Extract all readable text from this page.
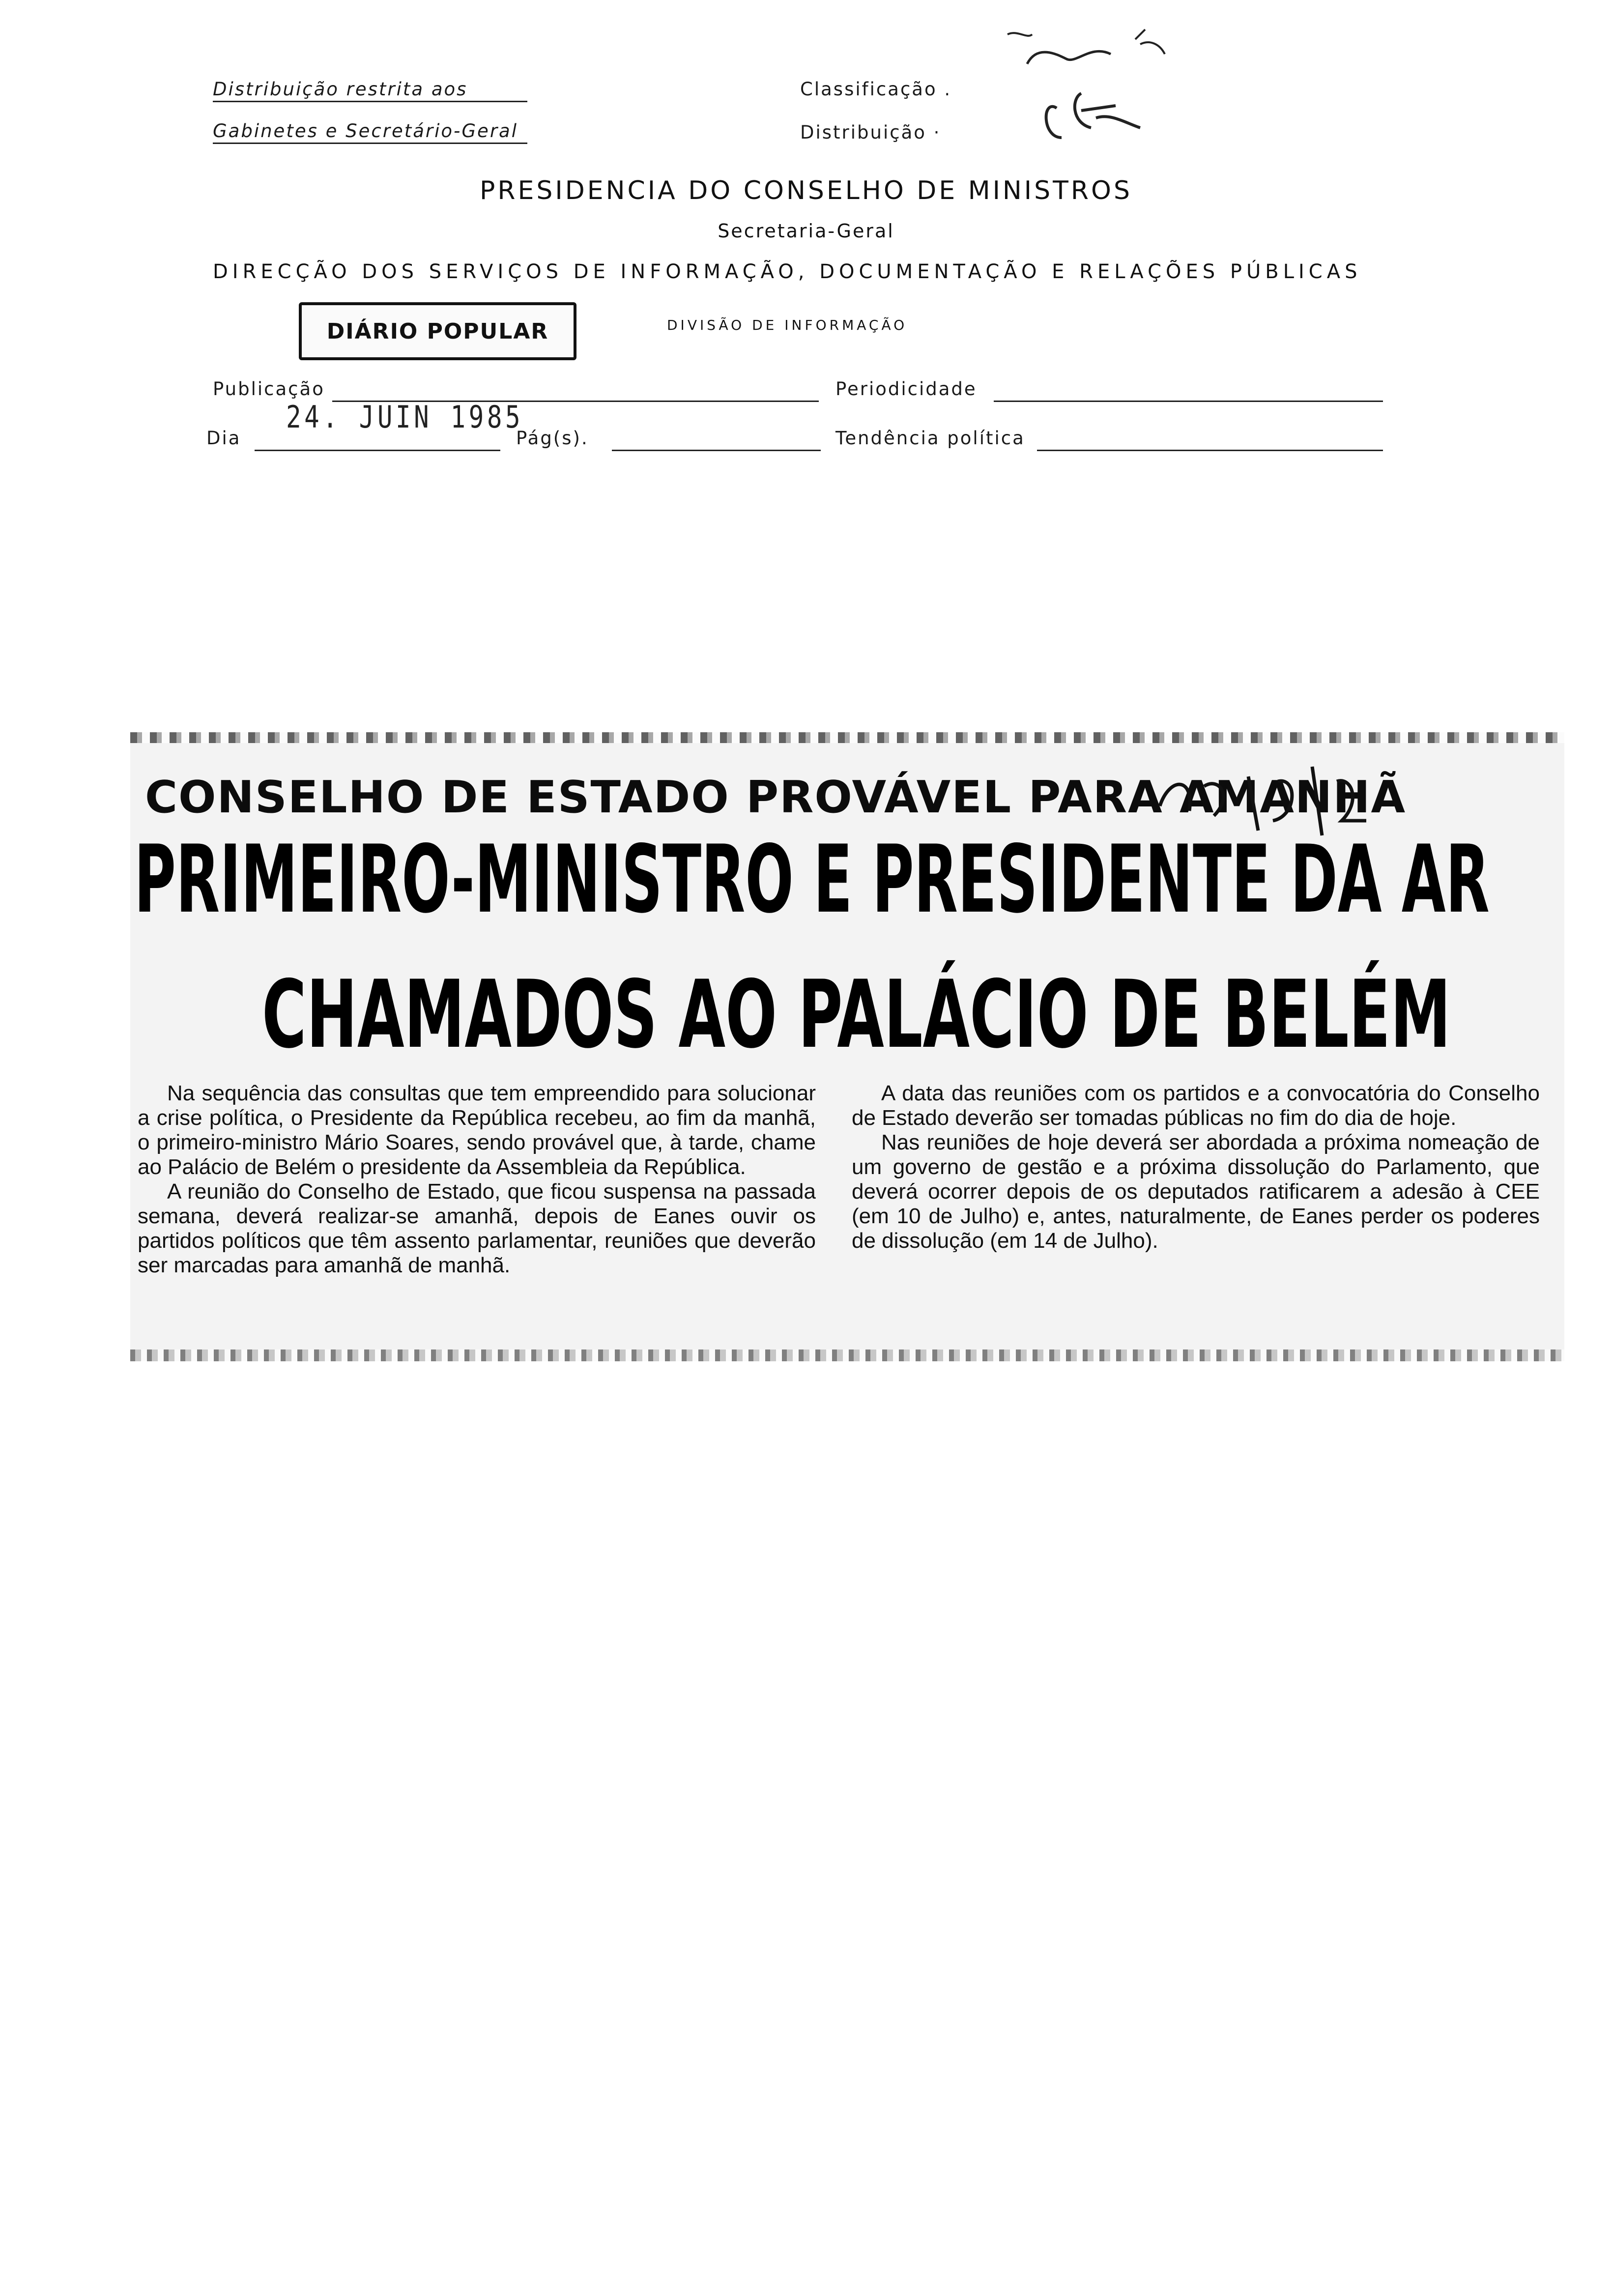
Distribuição restrita aos
Gabinetes e Secretário-Geral
Classificação .
Distribuição ·
PRESIDENCIA DO CONSELHO DE MINISTROS
Secretaria-Geral
DIRECÇÃO DOS SERVIÇOS DE INFORMAÇÃO, DOCUMENTAÇÃO E RELAÇÕES PÚBLICAS
DIVISÃO DE INFORMAÇÃO
DIÁRIO POPULAR
Publicação	Periodicidade
Dia
24. JUIN 1985
Pág(s).	Tendência política
CONSELHO DE ESTADO PROVÁVEL PARA AMANHÃ
PRIMEIRO-MINISTRO E PRESIDENTE DA AR
CHAMADOS AO PALÁCIO DE BELÉM

Na sequência das consultas que tem empreendido para solucionar a crise política, o Presidente da República recebeu, ao fim da manhã, o primeiro-ministro Mário Soares, sendo provável que, à tarde, chame ao Palácio de Belém o presidente da Assembleia da República.

A reunião do Conselho de Estado, que ficou suspensa na passada semana, deverá realizar-se amanhã, depois de Eanes ouvir os partidos políticos que têm assento parlamentar, reuniões que deverão ser marcadas para amanhã de manhã.

A data das reuniões com os partidos e a convocatória do Conselho de Estado deverão ser tomadas públicas no fim do dia de hoje.

Nas reuniões de hoje deverá ser abordada a próxima nomeação de um governo de gestão e a próxima dissolução do Parlamento, que deverá ocorrer depois de os deputados ratificarem a adesão à CEE (em 10 de Julho) e, antes, naturalmente, de Eanes perder os poderes de dissolução (em 14 de Julho).
